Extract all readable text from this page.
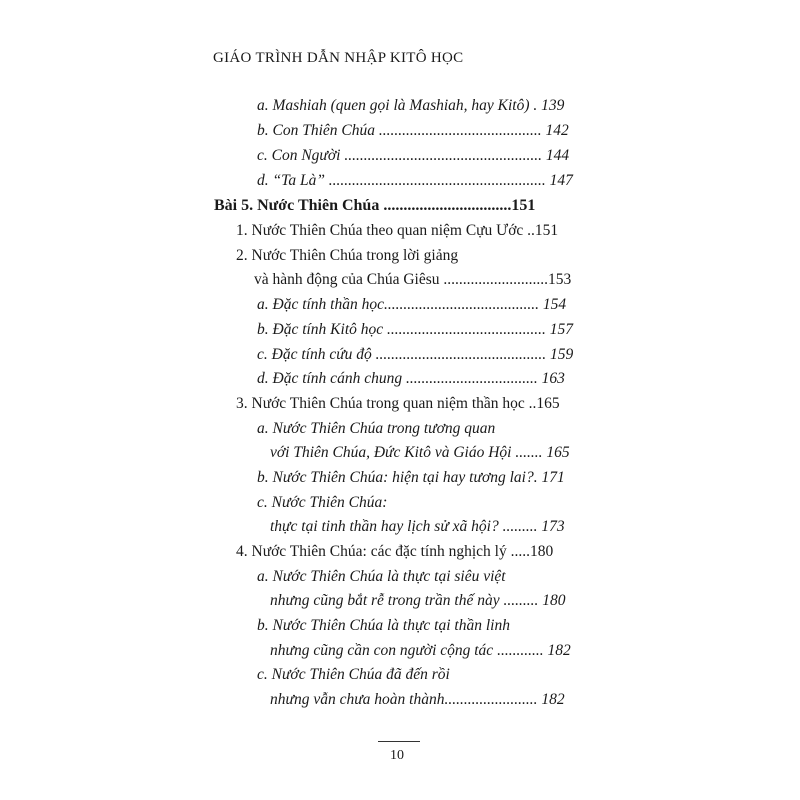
GIÁO TRÌNH DẪN NHẬP KITÔ HỌC
a. Mashiah (quen gọi là Mashiah, hay Kitô) . 139
b. Con Thiên Chúa .......................................... 142
c. Con Người ................................................... 144
d. “Ta Là” ........................................................ 147
Bài 5. Nước Thiên Chúa ................................151
1. Nước Thiên Chúa theo quan niệm Cựu Ước ..151
2. Nước Thiên Chúa trong lời giảng
và hành động của Chúa Giêsu ...........................153
a. Đặc tính thần học........................................ 154
b. Đặc tính Kitô học ......................................... 157
c. Đặc tính cứu độ ............................................ 159
d. Đặc tính cánh chung .................................. 163
3. Nước Thiên Chúa trong quan niệm thần học ..165
a. Nước Thiên Chúa trong tương quan
với Thiên Chúa, Đức Kitô và Giáo Hội ....... 165
b. Nước Thiên Chúa: hiện tại hay tương lai?. 171
c. Nước Thiên Chúa:
thực tại tinh thần hay lịch sử xã hội? ......... 173
4. Nước Thiên Chúa: các đặc tính nghịch lý .....180
a. Nước Thiên Chúa là thực tại siêu việt
nhưng cũng bắt rễ trong trần thế này ......... 180
b. Nước Thiên Chúa là thực tại thần linh
nhưng cũng cần con người cộng tác ............ 182
c. Nước Thiên Chúa đã đến rồi
nhưng vẫn chưa hoàn thành........................ 182
10
